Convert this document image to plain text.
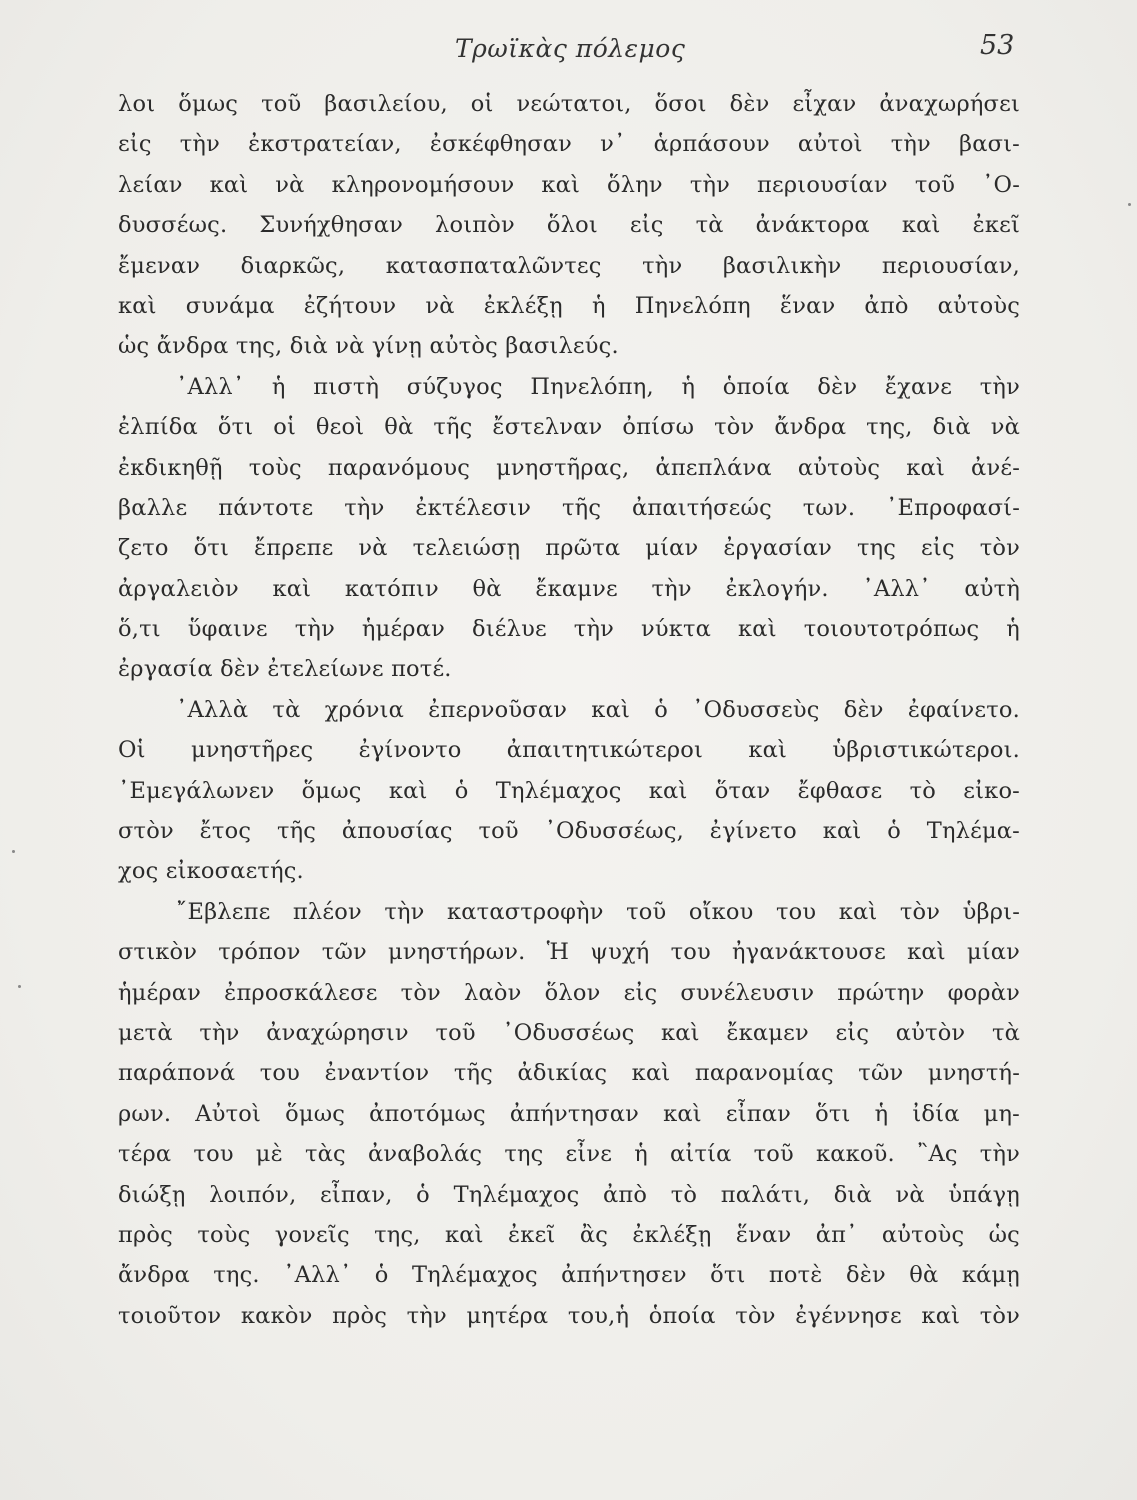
Τρωϊκὰς πόλεμος	53
λοι ὅμως τοῦ βασιλείου, οἱ νεώτατοι, ὅσοι δὲν εἶχαν ἀναχωρήσει
εἰς τὴν ἐκστρατείαν, ἐσκέφθησαν ν᾿ ἁρπάσουν αὐτοὶ τὴν βασι-
λείαν καὶ νὰ κληρονομήσουν καὶ ὅλην τὴν περιουσίαν τοῦ ᾿Ο-
δυσσέως. Συνήχθησαν λοιπὸν ὅλοι εἰς τὰ ἀνάκτορα καὶ ἐκεῖ
ἔμεναν διαρκῶς, κατασπαταλῶντες τὴν βασιλικὴν περιουσίαν,
καὶ συνάμα ἐζήτουν νὰ ἐκλέξῃ ἡ Πηνελόπη ἕναν ἀπὸ αὐτοὺς
ὡς ἄνδρα της, διὰ νὰ γίνῃ αὐτὸς βασιλεύς.
᾿Αλλ᾿ ἡ πιστὴ σύζυγος Πηνελόπη, ἡ ὁποία δὲν ἔχανε τὴν
ἐλπίδα ὅτι οἱ θεοὶ θὰ τῆς ἔστελναν ὀπίσω τὸν ἄνδρα της, διὰ νὰ
ἐκδικηθῇ τοὺς παρανόμους μνηστῆρας, ἀπεπλάνα αὐτοὺς καὶ ἀνέ-
βαλλε πάντοτε τὴν ἐκτέλεσιν τῆς ἀπαιτήσεώς των. ᾿Επροφασί-
ζετο ὅτι ἔπρεπε νὰ τελειώσῃ πρῶτα μίαν ἐργασίαν της εἰς τὸν
ἀργαλειὸν καὶ κατόπιν θὰ ἔκαμνε τὴν ἐκλογήν. ᾿Αλλ᾿ αὐτὴ
ὅ,τι ὕφαινε τὴν ἡμέραν διέλυε τὴν νύκτα καὶ τοιουτοτρόπως ἡ
ἐργασία δὲν ἐτελείωνε ποτέ.
᾿Αλλὰ τὰ χρόνια ἐπερνοῦσαν καὶ ὁ ᾿Οδυσσεὺς δὲν ἐφαίνετο.
Οἱ μνηστῆρες ἐγίνοντο ἀπαιτητικώτεροι καὶ ὑβριστικώτεροι.
᾿Εμεγάλωνεν ὅμως καὶ ὁ Τηλέμαχος καὶ ὅταν ἔφθασε τὸ εἰκο-
στὸν ἔτος τῆς ἀπουσίας τοῦ ᾿Οδυσσέως, ἐγίνετο καὶ ὁ Τηλέμα-
χος εἰκοσαετής.
῎Εβλεπε πλέον τὴν καταστροφὴν τοῦ οἴκου του καὶ τὸν ὑβρι-
στικὸν τρόπον τῶν μνηστήρων. Ἡ ψυχή του ἠγανάκτουσε καὶ μίαν
ἡμέραν ἐπροσκάλεσε τὸν λαὸν ὅλον εἰς συνέλευσιν πρώτην φορὰν
μετὰ τὴν ἀναχώρησιν τοῦ ᾿Οδυσσέως καὶ ἔκαμεν εἰς αὐτὸν τὰ
παράπονά του ἐναντίον τῆς ἀδικίας καὶ παρανομίας τῶν μνηστή-
ρων. Αὐτοὶ ὅμως ἀποτόμως ἀπήντησαν καὶ εἶπαν ὅτι ἡ ἰδία μη-
τέρα του μὲ τὰς ἀναβολάς της εἶνε ἡ αἰτία τοῦ κακοῦ. ῍Ας τὴν
διώξῃ λοιπόν, εἶπαν, ὁ Τηλέμαχος ἀπὸ τὸ παλάτι, διὰ νὰ ὑπάγῃ
πρὸς τοὺς γονεῖς της, καὶ ἐκεῖ ἂς ἐκλέξῃ ἕναν ἀπ᾿ αὐτοὺς ὡς
ἄνδρα της. ᾿Αλλ᾿ ὁ Τηλέμαχος ἀπήντησεν ὅτι ποτὲ δὲν θὰ κάμῃ
τοιοῦτον κακὸν πρὸς τὴν μητέρα του,ἡ ὁποία τὸν ἐγέννησε καὶ τὸν
